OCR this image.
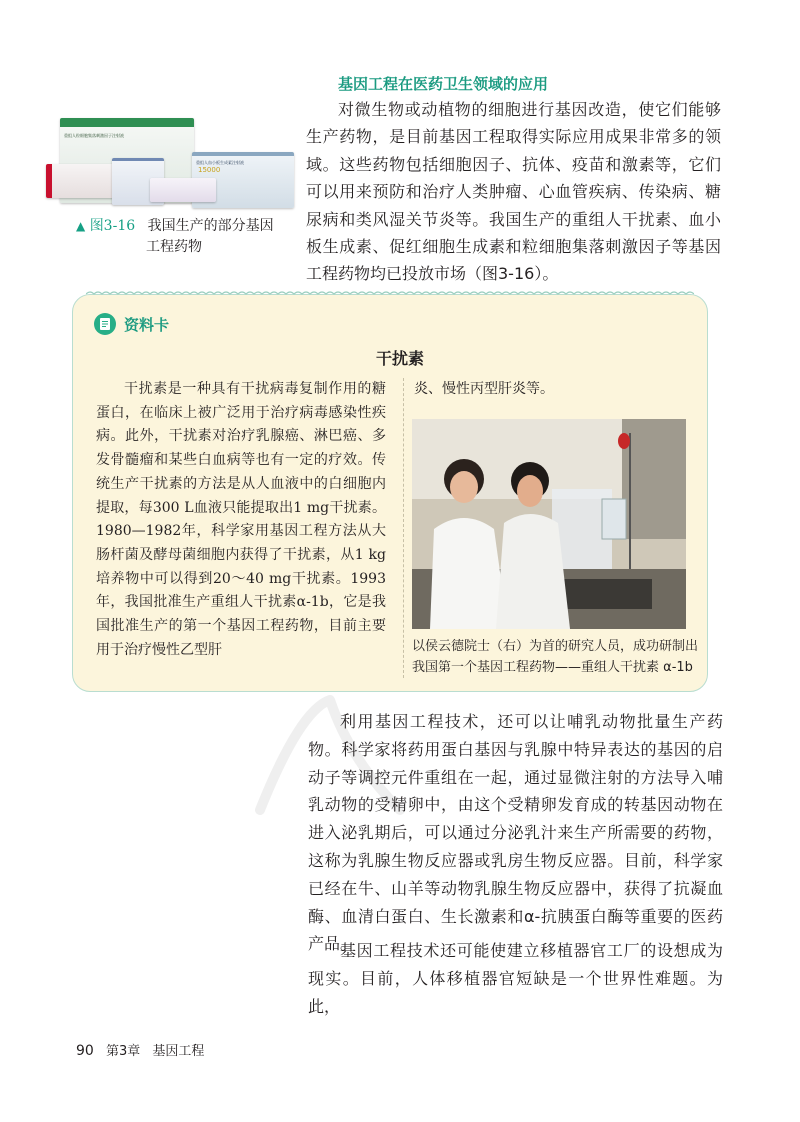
重组人粒细胞集落刺激因子注射液
重组人血小板生成素注射液
15000
▲ 图3-16 我国生产的部分基因
工程药物
基因工程在医药卫生领域的应用

对微生物或动植物的细胞进行基因改造，使它们能够生产药物，是目前基因工程取得实际应用成果非常多的领域。这些药物包括细胞因子、抗体、疫苗和激素等，它们可以用来预防和治疗人类肿瘤、心血管疾病、传染病、糖尿病和类风湿关节炎等。我国生产的重组人干扰素、血小板生成素、促红细胞生成素和粒细胞集落刺激因子等基因工程药物均已投放市场（图3-16）。

资料卡
干扰素

干扰素是一种具有干扰病毒复制作用的糖蛋白，在临床上被广泛用于治疗病毒感染性疾病。此外，干扰素对治疗乳腺癌、淋巴癌、多发骨髓瘤和某些白血病等也有一定的疗效。传统生产干扰素的方法是从人血液中的白细胞内提取，每300 L血液只能提取出1 mg干扰素。1980—1982年，科学家用基因工程方法从大肠杆菌及酵母菌细胞内获得了干扰素，从1 kg培养物中可以得到20～40 mg干扰素。1993年，我国批准生产重组人干扰素α-1b，它是我国批准生产的第一个基因工程药物，目前主要用于治疗慢性乙型肝

炎、慢性丙型肝炎等。

以侯云德院士（右）为首的研究人员，成功研制出
我国第一个基因工程药物——重组人干扰素 α-1b

利用基因工程技术，还可以让哺乳动物批量生产药物。科学家将药用蛋白基因与乳腺中特异表达的基因的启动子等调控元件重组在一起，通过显微注射的方法导入哺乳动物的受精卵中，由这个受精卵发育成的转基因动物在进入泌乳期后，可以通过分泌乳汁来生产所需要的药物，这称为乳腺生物反应器或乳房生物反应器。目前，科学家已经在牛、山羊等动物乳腺生物反应器中，获得了抗凝血酶、血清白蛋白、生长激素和α-抗胰蛋白酶等重要的医药产品。

基因工程技术还可能使建立移植器官工厂的设想成为现实。目前，人体移植器官短缺是一个世界性难题。为此，

90 第3章 基因工程
